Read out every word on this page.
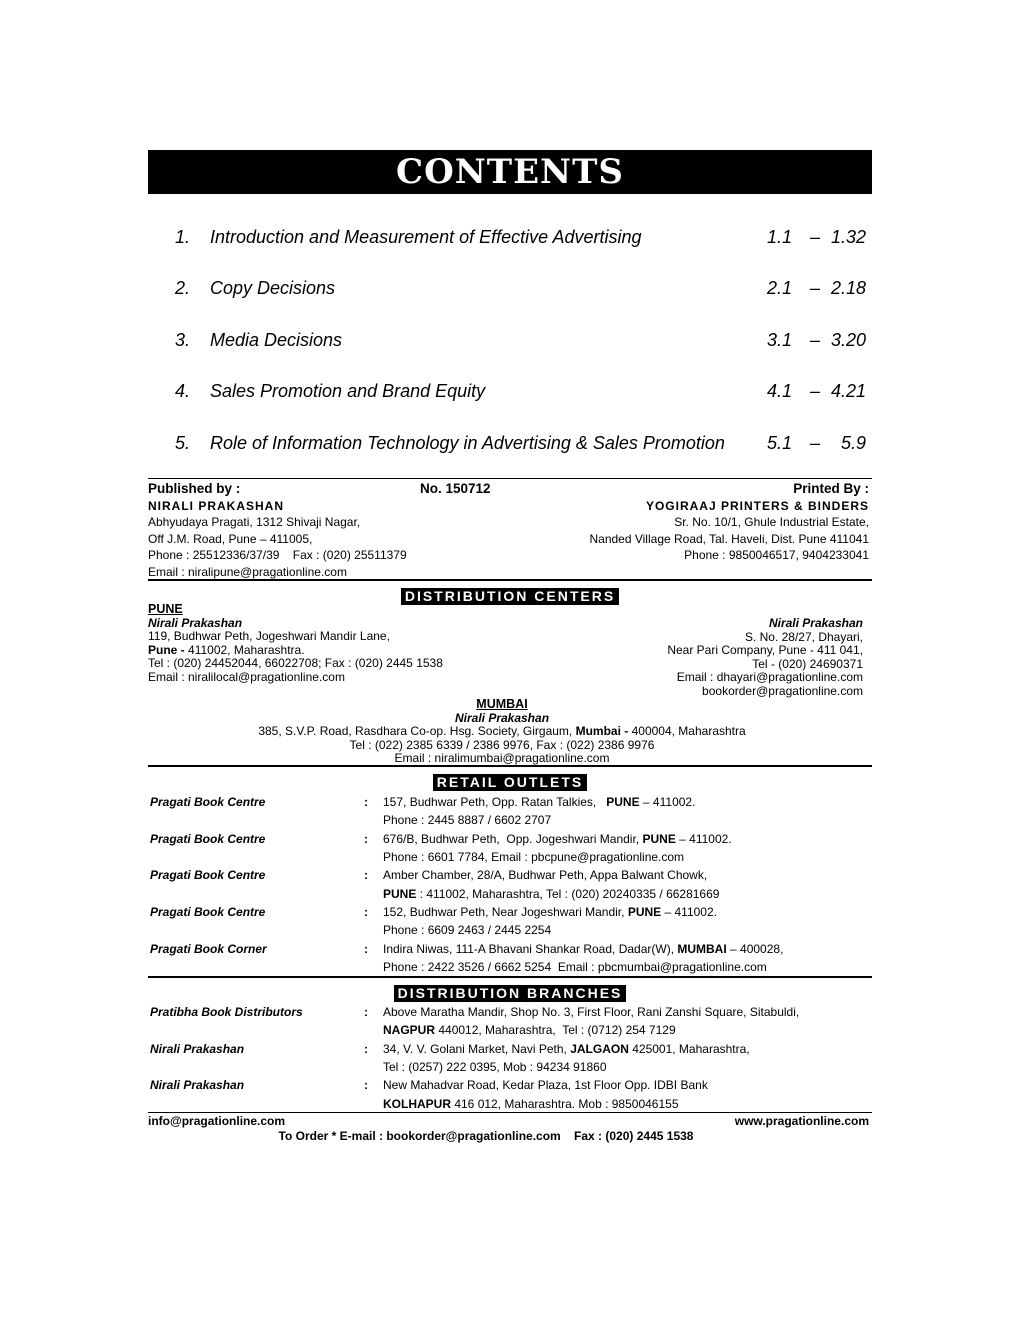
CONTENTS
1. Introduction and Measurement of Effective Advertising	1.1 – 1.32
2. Copy Decisions	2.1 – 2.18
3. Media Decisions	3.1 – 3.20
4. Sales Promotion and Brand Equity	4.1 – 4.21
5. Role of Information Technology in Advertising & Sales Promotion 5.1 – 5.9
Published by :
NIRALI PRAKASHAN
Abhyudaya Pragati, 1312 Shivaji Nagar,
Off J.M. Road, Pune – 411005,
Phone : 25512336/37/39    Fax : (020) 25511379
Email : niralipune@pragationline.com
No. 150712	Printed By :
YOGIRAAJ PRINTERS & BINDERS
Sr. No. 10/1, Ghule Industrial Estate,
Nanded Village Road, Tal. Haveli, Dist. Pune 411041
Phone : 9850046517, 9404233041
DISTRIBUTION CENTERS
PUNE
Nirali Prakashan
119, Budhwar Peth, Jogeshwari Mandir Lane,
Pune - 411002, Maharashtra.
Tel : (020) 24452044, 66022708; Fax : (020) 2445 1538
Email : niralilocal@pragationline.com
Nirali Prakashan
S. No. 28/27, Dhayari,
Near Pari Company, Pune - 411 041,
Tel - (020) 24690371
Email : dhayari@pragationline.com
bookorder@pragationline.com
MUMBAI
Nirali Prakashan
385, S.V.P. Road, Rasdhara Co-op. Hsg. Society, Girgaum, Mumbai - 400004, Maharashtra
Tel : (022) 2385 6339 / 2386 9976, Fax : (022) 2386 9976
Email : niralimumbai@pragationline.com
RETAIL OUTLETS
Pragati Book Centre	: 157, Budhwar Peth, Opp. Ratan Talkies,   PUNE – 411002.
Phone : 2445 8887 / 6602 2707
Pragati Book Centre	: 676/B, Budhwar Peth,  Opp. Jogeshwari Mandir, PUNE – 411002.
Phone : 6601 7784, Email : pbcpune@pragationline.com
Pragati Book Centre	: Amber Chamber, 28/A, Budhwar Peth, Appa Balwant Chowk,
PUNE : 411002, Maharashtra, Tel : (020) 20240335 / 66281669
Pragati Book Centre	: 152, Budhwar Peth, Near Jogeshwari Mandir, PUNE – 411002.
Phone : 6609 2463 / 2445 2254
Pragati Book Corner	: Indira Niwas, 111-A Bhavani Shankar Road, Dadar(W), MUMBAI – 400028,
Phone : 2422 3526 / 6662 5254  Email : pbcmumbai@pragationline.com
DISTRIBUTION BRANCHES
Pratibha Book Distributors	: Above Maratha Mandir, Shop No. 3, First Floor, Rani Zanshi Square, Sitabuldi,
NAGPUR 440012, Maharashtra,  Tel : (0712) 254 7129
Nirali Prakashan	: 34, V. V. Golani Market, Navi Peth, JALGAON 425001, Maharashtra,
Tel : (0257) 222 0395, Mob : 94234 91860
Nirali Prakashan	: New Mahadvar Road, Kedar Plaza, 1st Floor Opp. IDBI Bank
KOLHAPUR 416 012, Maharashtra. Mob : 9850046155
info@pragationline.com	www.pragationline.com
To Order * E-mail : bookorder@pragationline.com    Fax : (020) 2445 1538
